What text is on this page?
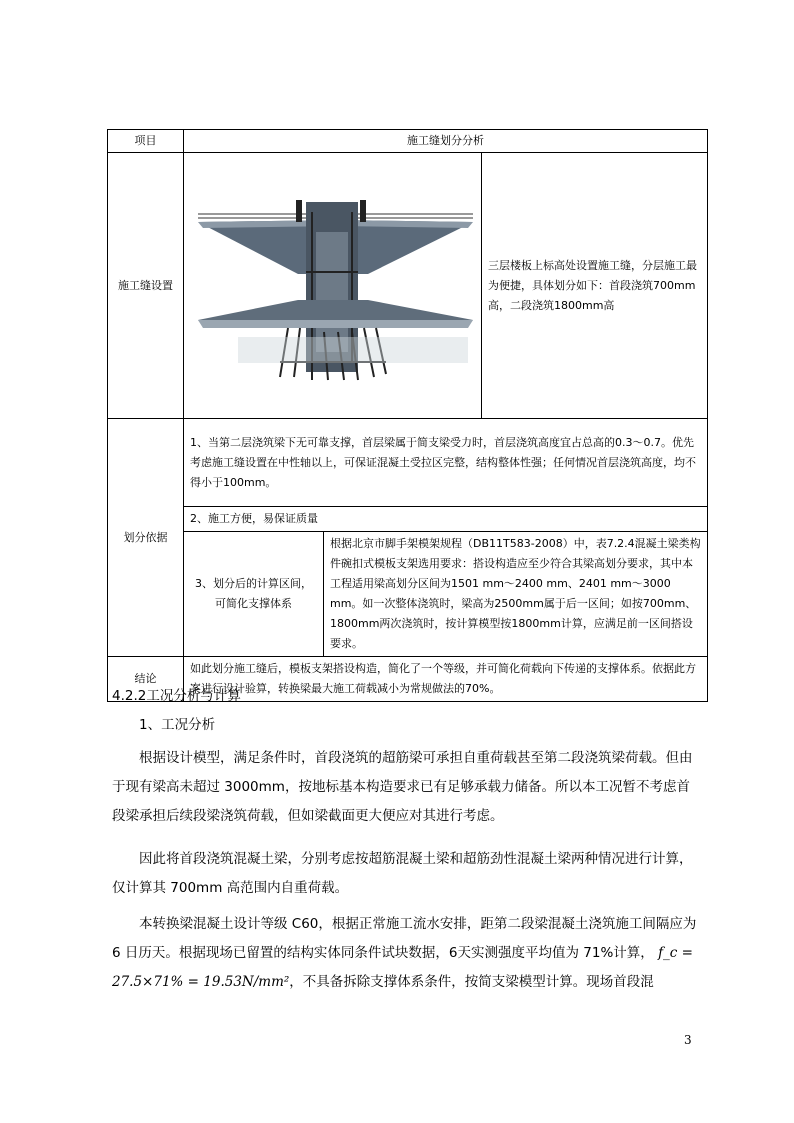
项目	施工缝划分分析		
施工缝设置			三层楼板上标高处设置施工缝，分层施工最为便捷，具体划分如下：首段浇筑700mm高，二段浇筑1800mm高
划分依据	1、当第二层浇筑梁下无可靠支撑，首层梁属于简支梁受力时，首层浇筑高度宜占总高的0.3～0.7。优先考虑施工缝设置在中性轴以上，可保证混凝土受拉区完整，结构整体性强；任何情况首层浇筑高度，均不得小于100mm。		
	2、施工方便，易保证质量		
	3、划分后的计算区间，可简化支撑体系	根据北京市脚手架模架规程（DB11T583-2008）中，表7.2.4混凝土梁类构件碗扣式模板支架选用要求：搭设构造应至少符合其梁高划分要求，其中本工程适用梁高划分区间为1501 mm～2400 mm、2401 mm～3000 mm。如一次整体浇筑时，梁高为2500mm属于后一区间；如按700mm、1800mm两次浇筑时，按计算模型按1800mm计算，应满足前一区间搭设要求。	
结论	如此划分施工缝后，模板支架搭设构造，简化了一个等级，并可简化荷载向下传递的支撑体系。依据此方案进行设计验算，转换梁最大施工荷载减小为常规做法的70%。		
4.2.2工况分析与计算
1、工况分析
根据设计模型，满足条件时，首段浇筑的超筋梁可承担自重荷载甚至第二段浇筑梁荷载。但由于现有梁高未超过 3000mm，按地标基本构造要求已有足够承载力储备。所以本工况暂不考虑首段梁承担后续段梁浇筑荷载，但如梁截面更大便应对其进行考虑。
因此将首段浇筑混凝土梁，分别考虑按超筋混凝土梁和超筋劲性混凝土梁两种情况进行计算，仅计算其 700mm 高范围内自重荷载。
本转换梁混凝土设计等级 C60，根据正常施工流水安排，距第二段梁混凝土浇筑施工间隔应为 6 日历天。根据现场已留置的结构实体同条件试块数据，6天实测强度平均值为 71%计算， f_c = 27.5×71% = 19.53N/mm²，不具备拆除支撑体系条件，按简支梁模型计算。现场首段混
3
